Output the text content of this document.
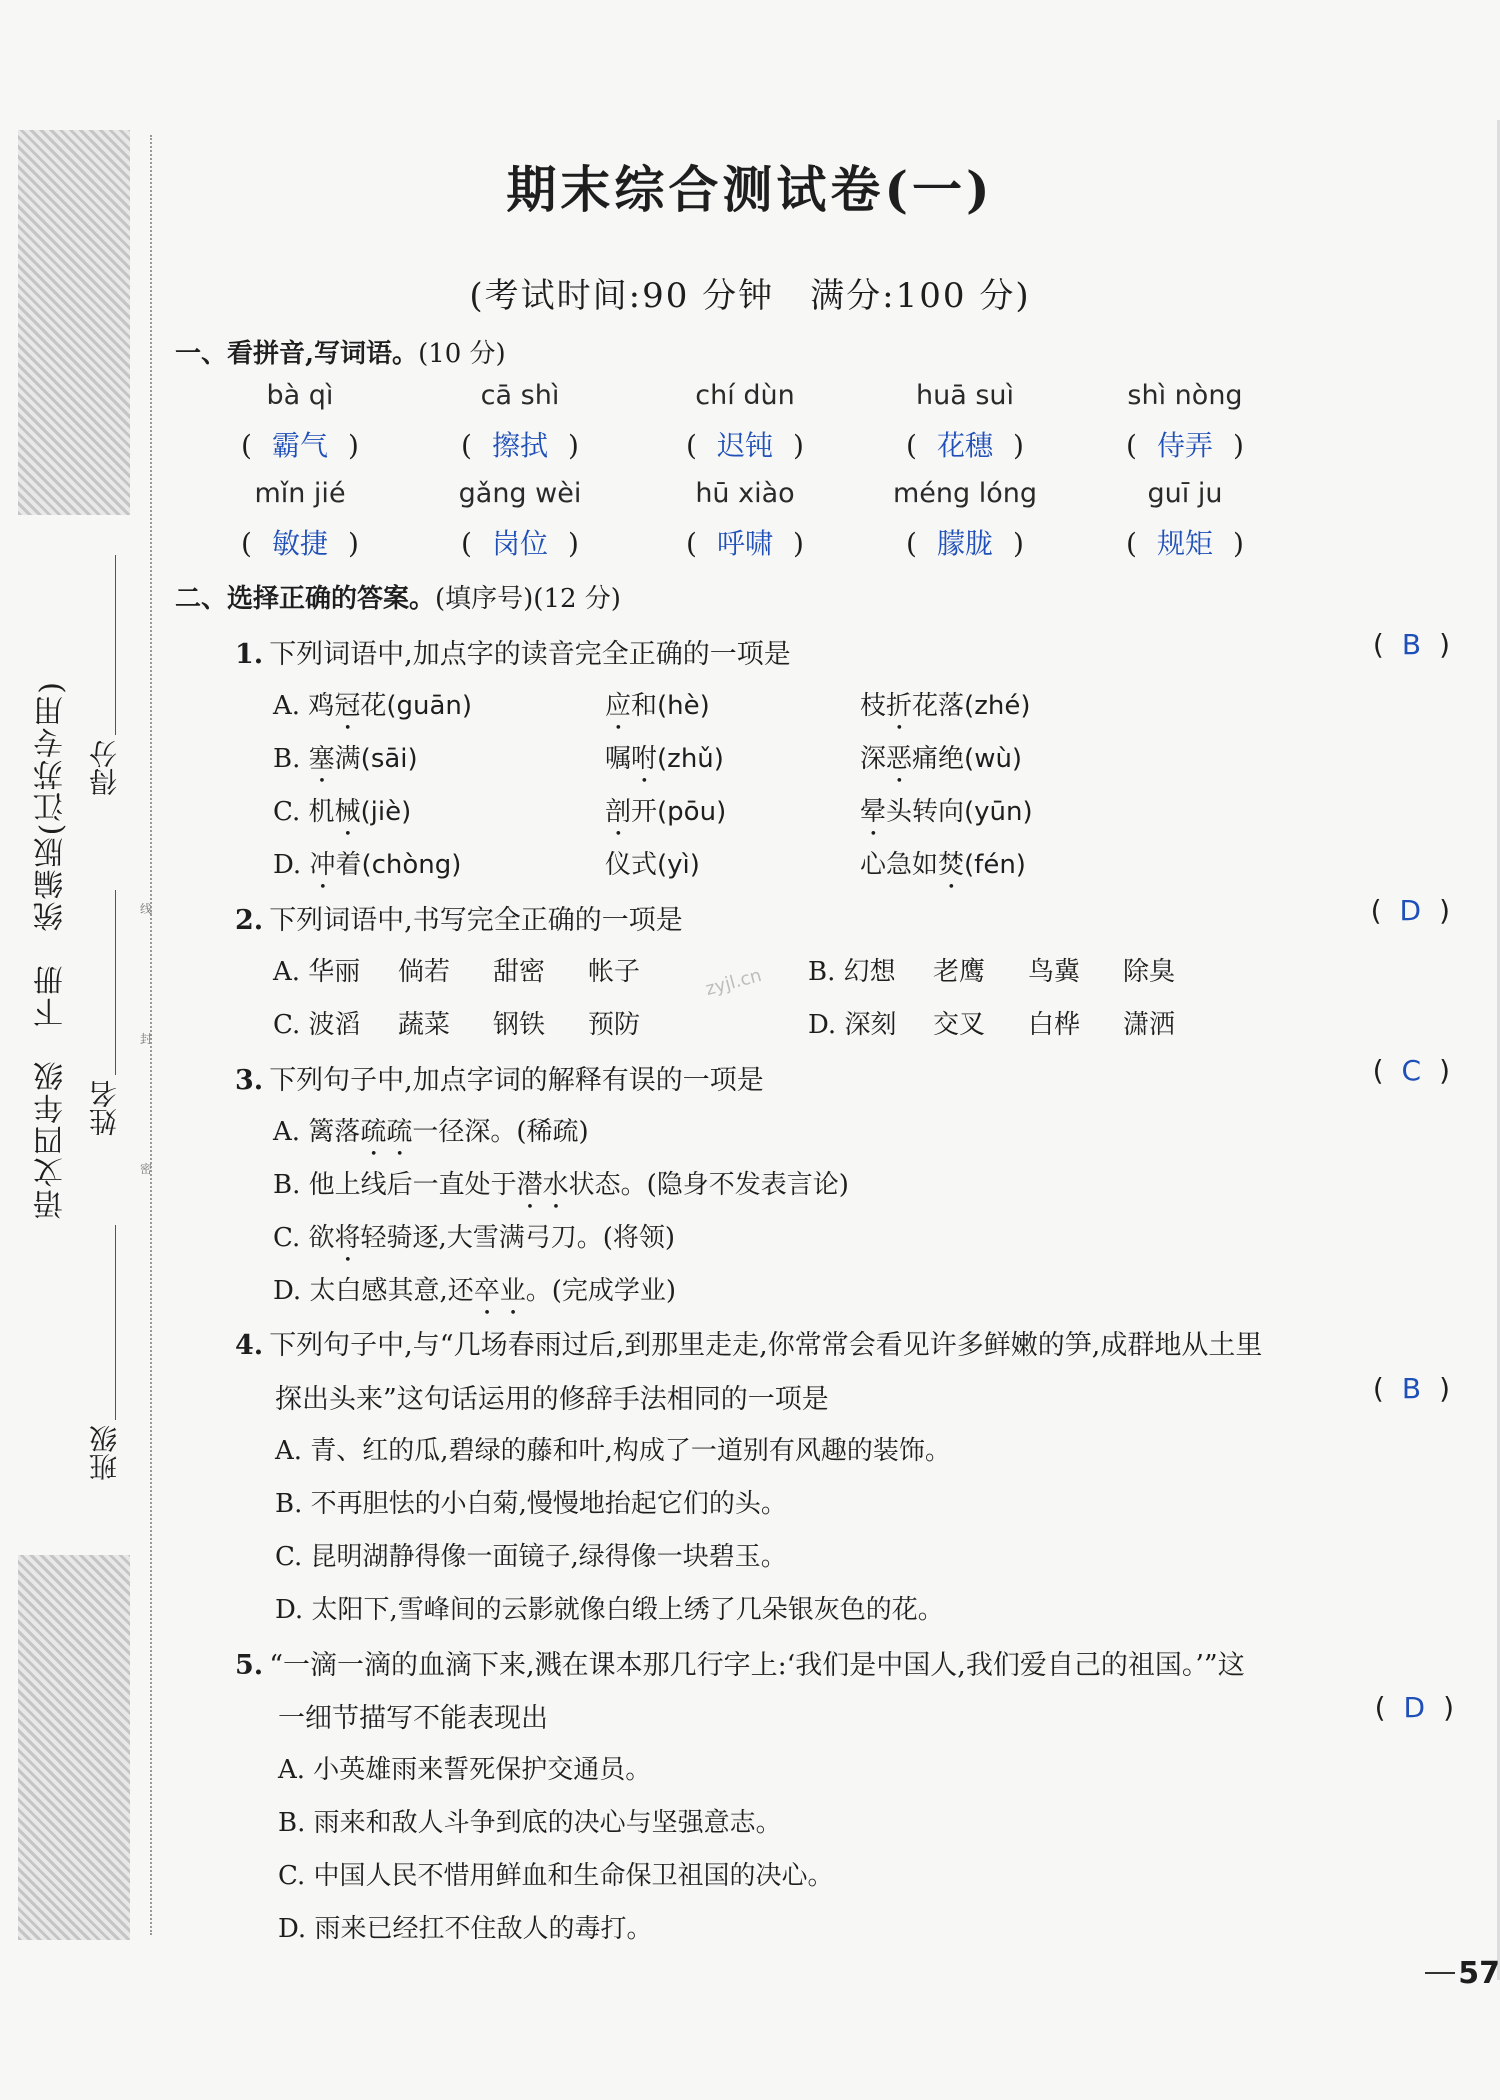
线
封
密
语文四年级　下册　统编版(江苏专用)
班级
姓名
得分
期末综合测试卷(一)
(考试时间:90 分钟　满分:100 分)
一、看拼音,写词语。(10 分)
bà qì
( 霸气 )
cā shì
( 擦拭 )
chí dùn
( 迟钝 )
huā suì
( 花穗 )
shì nòng
( 侍弄 )
mǐn jié
( 敏捷 )
gǎng wèi
( 岗位 )
hū xiào
( 呼啸 )
méng lóng
( 朦胧 )
guī ju
( 规矩 )
二、选择正确的答案。(填序号)(12 分)
1. 下列词语中,加点字的读音完全正确的一项是	( B )
A. 鸡冠花(guān)	应和(hè)	枝折花落(zhé)
B. 塞满(sāi)	嘱咐(zhǔ)	深恶痛绝(wù)
C. 机械(jiè)	剖开(pōu)	晕头转向(yūn)
D. 冲着(chòng)	仪式(yì)	心急如焚(fén)
2. 下列词语中,书写完全正确的一项是	( D )
A. 华丽 倘若 甜密 帐子	B. 幻想 老鹰 鸟冀 除臭
C. 波滔 蔬菜 钢铁 预防	D. 深刻 交叉 白桦 潇洒
zyjl.cn
3. 下列句子中,加点字词的解释有误的一项是	( C )
A. 篱落疏疏一径深。(稀疏)
B. 他上线后一直处于潜水状态。(隐身不发表言论)
C. 欲将轻骑逐,大雪满弓刀。(将领)
D. 太白感其意,还卒业。(完成学业)
4. 下列句子中,与“几场春雨过后,到那里走走,你常常会看见许多鲜嫩的笋,成群地从土里
探出头来”这句话运用的修辞手法相同的一项是	( B )
A. 青、红的瓜,碧绿的藤和叶,构成了一道别有风趣的装饰。
B. 不再胆怯的小白菊,慢慢地抬起它们的头。
C. 昆明湖静得像一面镜子,绿得像一块碧玉。
D. 太阳下,雪峰间的云影就像白缎上绣了几朵银灰色的花。
5. “一滴一滴的血滴下来,溅在课本那几行字上:‘我们是中国人,我们爱自己的祖国。’”这
一细节描写不能表现出	( D )
A. 小英雄雨来誓死保护交通员。
B. 雨来和敌人斗争到底的决心与坚强意志。
C. 中国人民不惜用鲜血和生命保卫祖国的决心。
D. 雨来已经扛不住敌人的毒打。
57
